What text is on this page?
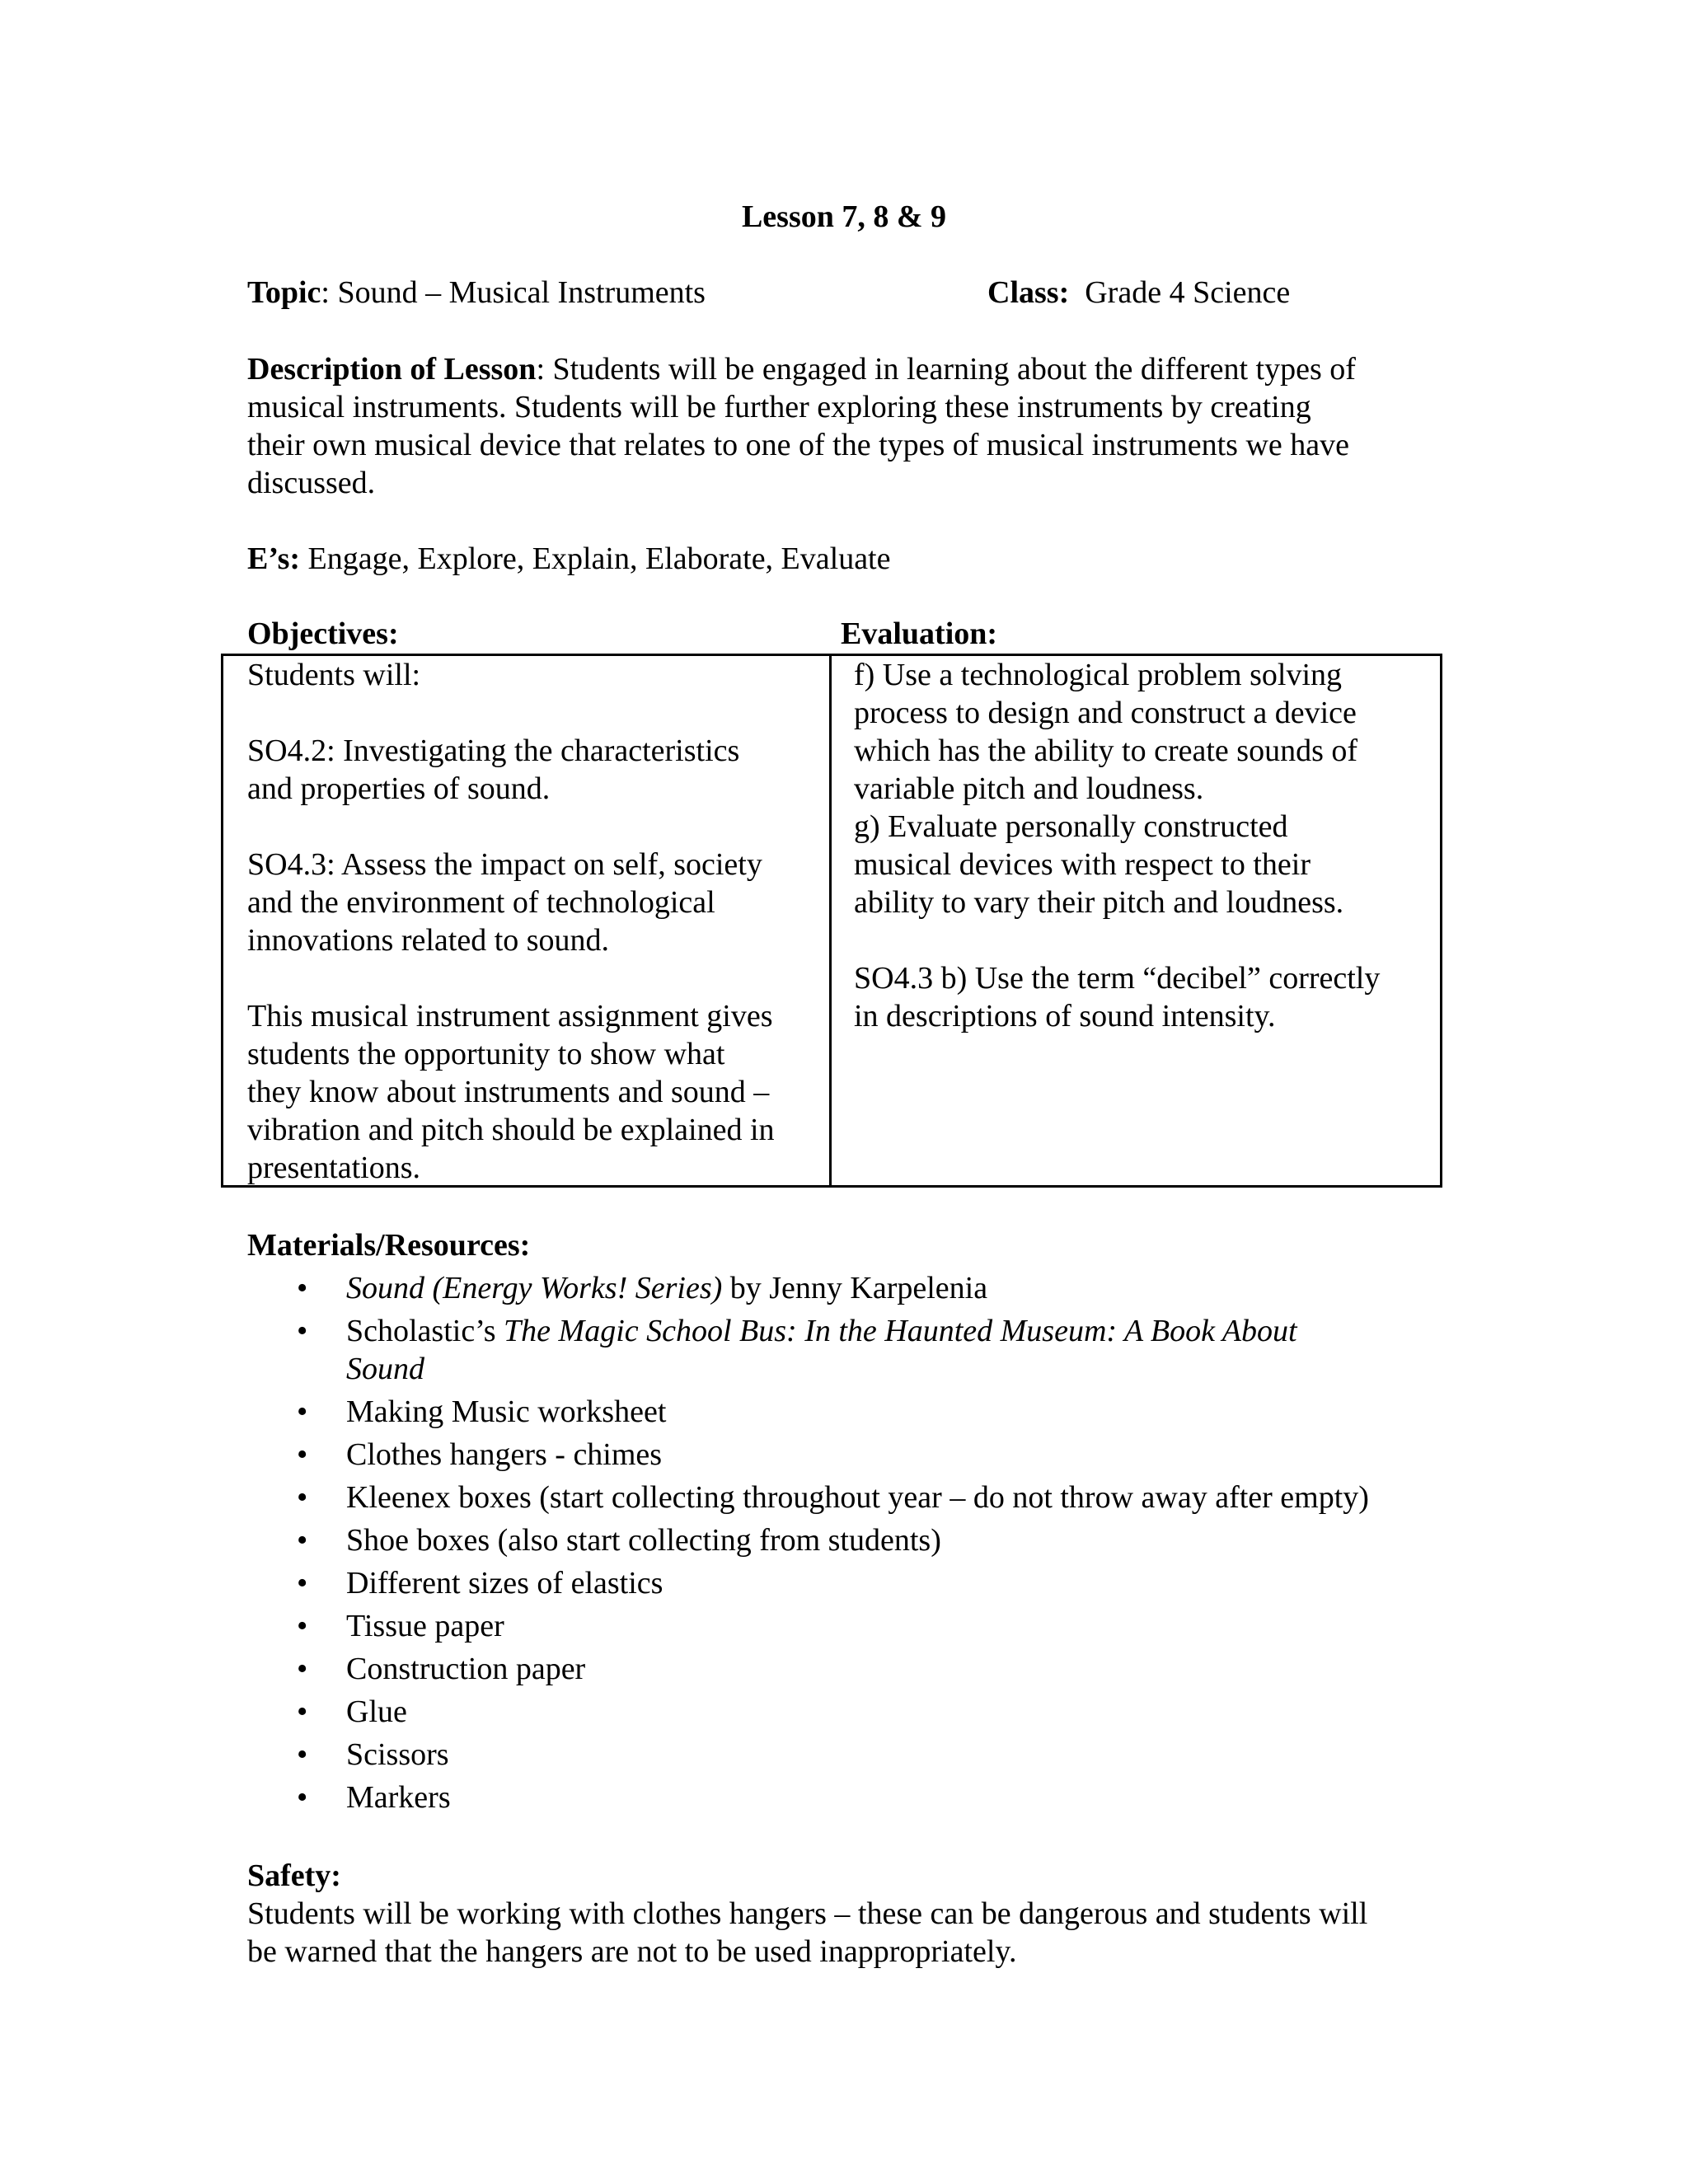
Lesson 7, 8 & 9
Topic: Sound – Musical Instruments	Class: Grade 4 Science
Description of Lesson: Students will be engaged in learning about the different types of
musical instruments. Students will be further exploring these instruments by creating
their own musical device that relates to one of the types of musical instruments we have
discussed.
E’s: Engage, Explore, Explain, Elaborate, Evaluate
Objectives:	Evaluation:
Students will:
SO4.2: Investigating the characteristics
and properties of sound.
SO4.3: Assess the impact on self, society
and the environment of technological
innovations related to sound.
This musical instrument assignment gives
students the opportunity to show what
they know about instruments and sound –
vibration and pitch should be explained in
presentations.
f) Use a technological problem solving
process to design and construct a device
which has the ability to create sounds of
variable pitch and loudness.
g) Evaluate personally constructed
musical devices with respect to their
ability to vary their pitch and loudness.
SO4.3 b) Use the term “decibel” correctly
in descriptions of sound intensity.
Materials/Resources:
• Sound (Energy Works! Series) by Jenny Karpelenia
• Scholastic’s The Magic School Bus: In the Haunted Museum: A Book About
Sound
• Making Music worksheet
• Clothes hangers - chimes
• Kleenex boxes (start collecting throughout year – do not throw away after empty)
• Shoe boxes (also start collecting from students)
• Different sizes of elastics
• Tissue paper
• Construction paper
• Glue
• Scissors
• Markers
Safety:
Students will be working with clothes hangers – these can be dangerous and students will
be warned that the hangers are not to be used inappropriately.
